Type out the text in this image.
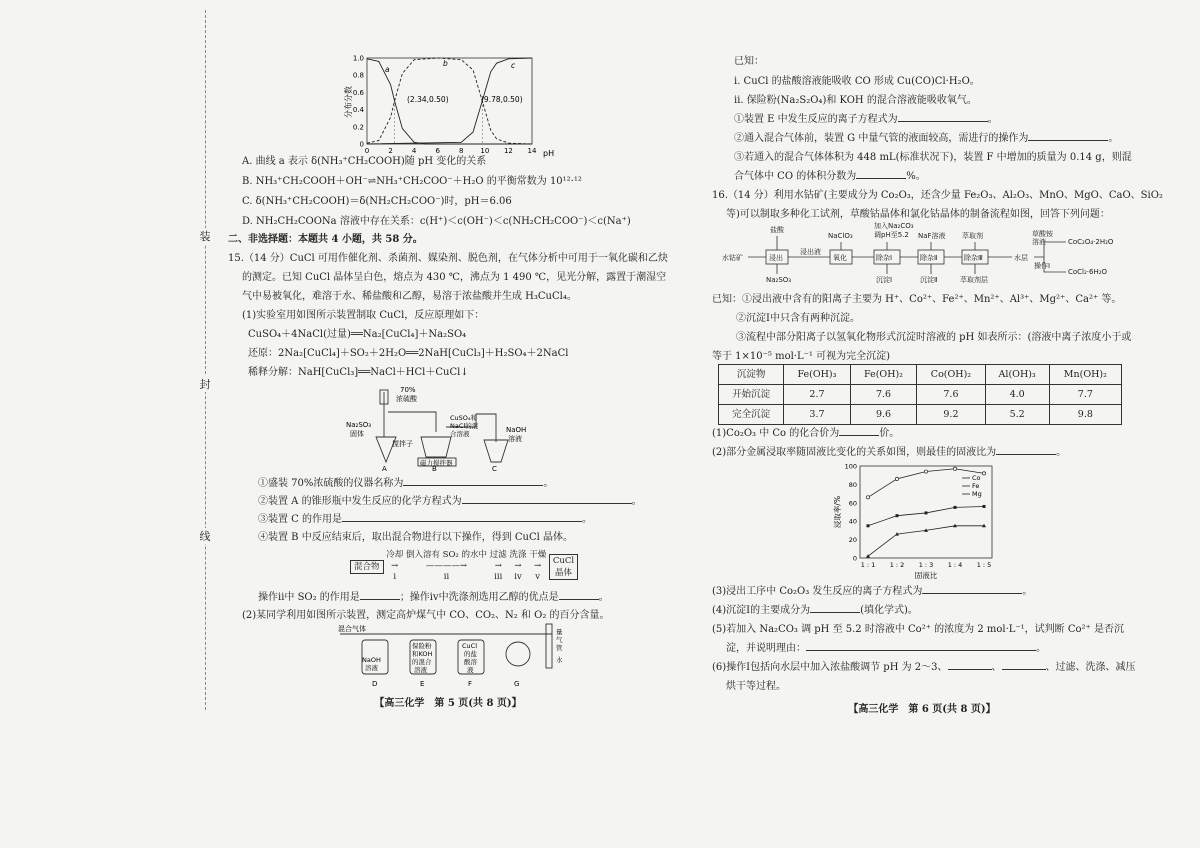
装
封
线
0	2	4	6	8 10 12 14
0
0.2
0.4
0.6
0.8
1.0
分布分数
pH
(2.34,0.50)	(9.78,0.50)
a
b	c

A. 曲线 a 表示 δ(NH₃⁺CH₂COOH)随 pH 变化的关系

B. NH₃⁺CH₂COOH＋OH⁻⇌NH₃⁺CH₂COO⁻＋H₂O 的平衡常数为 10¹²·¹²

C. δ(NH₃⁺CH₂COOH)＝δ(NH₂CH₂COO⁻)时，pH＝6.06

D. NH₂CH₂COONa 溶液中存在关系：c(H⁺)＜c(OH⁻)＜c(NH₂CH₂COO⁻)＜c(Na⁺)

二、非选择题：本题共 4 小题，共 58 分。

15.（14 分）CuCl 可用作催化剂、杀菌剂、媒染剂、脱色剂，在气体分析中可用于一氧化碳和乙炔

的测定。已知 CuCl 晶体呈白色，熔点为 430 ℃，沸点为 1 490 ℃，见光分解，露置于潮湿空

气中易被氧化，难溶于水、稀盐酸和乙醇，易溶于浓盐酸并生成 H₃CuCl₄。

(1)实验室用如图所示装置制取 CuCl，反应原理如下：

CuSO₄＋4NaCl(过量)══Na₂[CuCl₄]＋Na₂SO₄

还原：2Na₂[CuCl₄]＋SO₂＋2H₂O══2NaH[CuCl₃]＋H₂SO₄＋2NaCl

稀释分解：NaH[CuCl₃]══NaCl＋HCl＋CuCl↓

70%
浓硫酸
Na₂SO₃
固体
搅拌子
CuSO₄和
NaCl的混
合溶液	NaOH
溶液
磁力搅拌器
A	B	C

①盛装 70%浓硫酸的仪器名称为	。

②装置 A 的锥形瓶中发生反应的化学方程式为	。

③装置 C 的作用是	。

④装置 B 中反应结束后，取出混合物进行以下操作，得到 CuCl 晶体。

混合物 冷却
→
ⅰ 倒入溶有 SO₂ 的水中
————→
ⅱ 过滤
→
ⅲ 洗涤
→
ⅳ 干燥
→
ⅴ CuCl
晶体

操作ⅱ中 SO₂ 的作用是	；操作ⅳ中洗涤剂选用乙醇的优点是	。

(2)某同学利用如图所示装置，测定高炉煤气中 CO、CO₂、N₂ 和 O₂ 的百分含量。

混合气体
NaOH
溶液
保险粉
和KOH
的混合
溶液
CuCl
的盐
酸溶
液
量
气
管
水
D	E	F	G

【高三化学　第 5 页(共 8 页)】

已知：

ⅰ. CuCl 的盐酸溶液能吸收 CO 形成 Cu(CO)Cl·H₂O。

ⅱ. 保险粉(Na₂S₂O₄)和 KOH 的混合溶液能吸收氧气。

①装置 E 中发生反应的离子方程式为	。

②通入混合气体前，装置 G 中量气管的液面较高，需进行的操作为	。

③若通入的混合气体体积为 448 mL(标准状况下)，装置 F 中增加的质量为 0.14 g，则混

合气体中 CO 的体积分数为	%。

16.（14 分）利用水钴矿(主要成分为 Co₂O₃，还含少量 Fe₂O₃、Al₂O₃、MnO、MgO、CaO、SiO₂

等)可以制取多种化工试剂，草酸钴晶体和氯化钴晶体的制备流程如图，回答下列问题：

盐酸
NaClO₃
加入Na₂CO₃
调pH至5.2 NaF溶液 萃取剂
水钴矿
浸出液
水层
Na₂SO₃	沉淀Ⅰ	沉淀Ⅱ	萃取剂层
草酸铵
溶液	CoC₂O₄·2H₂O
操作Ⅰ
CoCl₂·6H₂O
浸出	氧化	除杂Ⅰ	除杂Ⅱ	除杂Ⅲ

已知：①浸出液中含有的阳离子主要为 H⁺、Co²⁺、Fe²⁺、Mn²⁺、Al³⁺、Mg²⁺、Ca²⁺ 等。

②沉淀Ⅰ中只含有两种沉淀。

③流程中部分阳离子以氢氧化物形式沉淀时溶液的 pH 如表所示：(溶液中离子浓度小于或

等于 1×10⁻⁵ mol·L⁻¹ 可视为完全沉淀)

沉淀物	Fe(OH)₃	Fe(OH)₂	Co(OH)₂	Al(OH)₃	Mn(OH)₂
开始沉淀	2.7	7.6	7.6	4.0	7.7
完全沉淀	3.7	9.6	9.2	5.2	9.8

(1)Co₂O₃ 中 Co 的化合价为	价。

(2)部分金属浸取率随固液比变化的关系如图，则最佳的固液比为	。

1 : 1 1 : 2 1 : 3 1 : 4 1 : 5
0
20
40
60
80
100
浸取率/%
固液比
Co
Fe
Mg

(3)浸出工序中 Co₂O₃ 发生反应的离子方程式为	。

(4)沉淀Ⅰ的主要成分为	(填化学式)。

(5)若加入 Na₂CO₃ 调 pH 至 5.2 时溶液中 Co²⁺ 的浓度为 2 mol·L⁻¹，试判断 Co²⁺ 是否沉

淀，并说明理由：	。

(6)操作Ⅰ包括向水层中加入浓盐酸调节 pH 为 2～3、	、	、过滤、洗涤、减压

烘干等过程。

【高三化学　第 6 页(共 8 页)】
